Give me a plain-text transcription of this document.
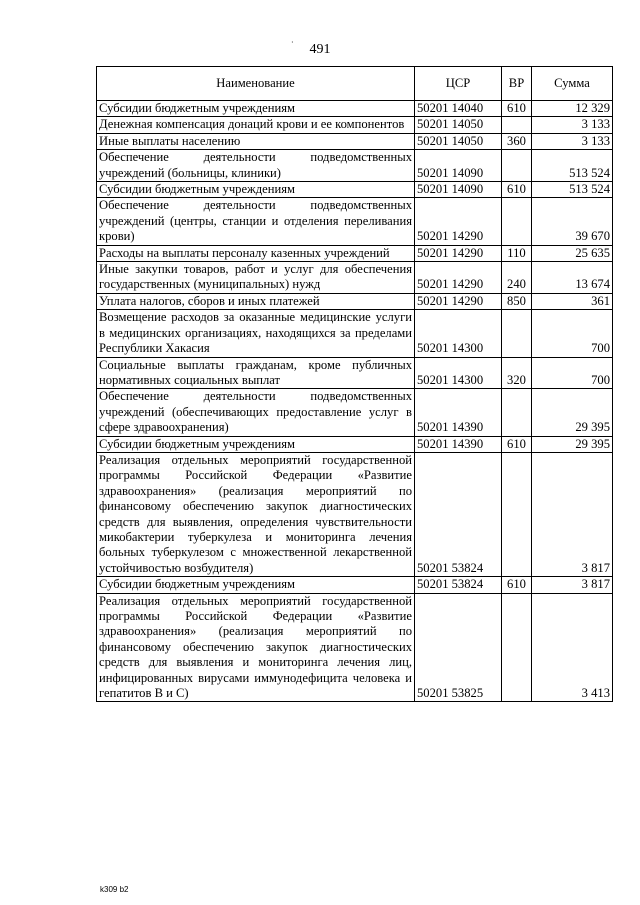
·	491
Наименование	ЦСР	ВР	Сумма
Субсидии бюджетным учреждениям	50201 14040	610	12 329
Денежная компенсация донаций крови и ее компонентов	50201 14050		3 133
Иные выплаты населению	50201 14050	360	3 133
Обеспечение деятельности подведомственных учреждений (больницы, клиники)	50201 14090		513 524
Субсидии бюджетным учреждениям	50201 14090	610	513 524
Обеспечение деятельности подведомственных учреждений (центры, станции и отделения переливания крови)	50201 14290		39 670
Расходы на выплаты персоналу казенных учреждений	50201 14290	110	25 635
Иные закупки товаров, работ и услуг для обеспечения государственных (муниципальных) нужд	50201 14290	240	13 674
Уплата налогов, сборов и иных платежей	50201 14290	850	361
Возмещение расходов за оказанные медицинские услуги в медицинских организациях, находящихся за пределами Республики Хакасия	50201 14300		700
Социальные выплаты гражданам, кроме публичных нормативных социальных выплат	50201 14300	320	700
Обеспечение деятельности подведомственных учреждений (обеспечивающих предоставление услуг в сфере здравоохранения)	50201 14390		29 395
Субсидии бюджетным учреждениям	50201 14390	610	29 395
Реализация отдельных мероприятий государственной программы Российской Федерации «Развитие здравоохранения» (реализация мероприятий по финансовому обеспечению закупок диагностических средств для выявления, определения чувствительности микобактерии туберкулеза и мониторинга лечения больных туберкулезом с множественной лекарственной устойчивостью возбудителя)	50201 53824		3 817
Субсидии бюджетным учреждениям	50201 53824	610	3 817
Реализация отдельных мероприятий государственной программы Российской Федерации «Развитие здравоохранения» (реализация мероприятий по финансовому обеспечению закупок диагностических средств для выявления и мониторинга лечения лиц, инфицированных вирусами иммунодефицита человека и гепатитов В и С)	50201 53825		3 413
k309 b2
